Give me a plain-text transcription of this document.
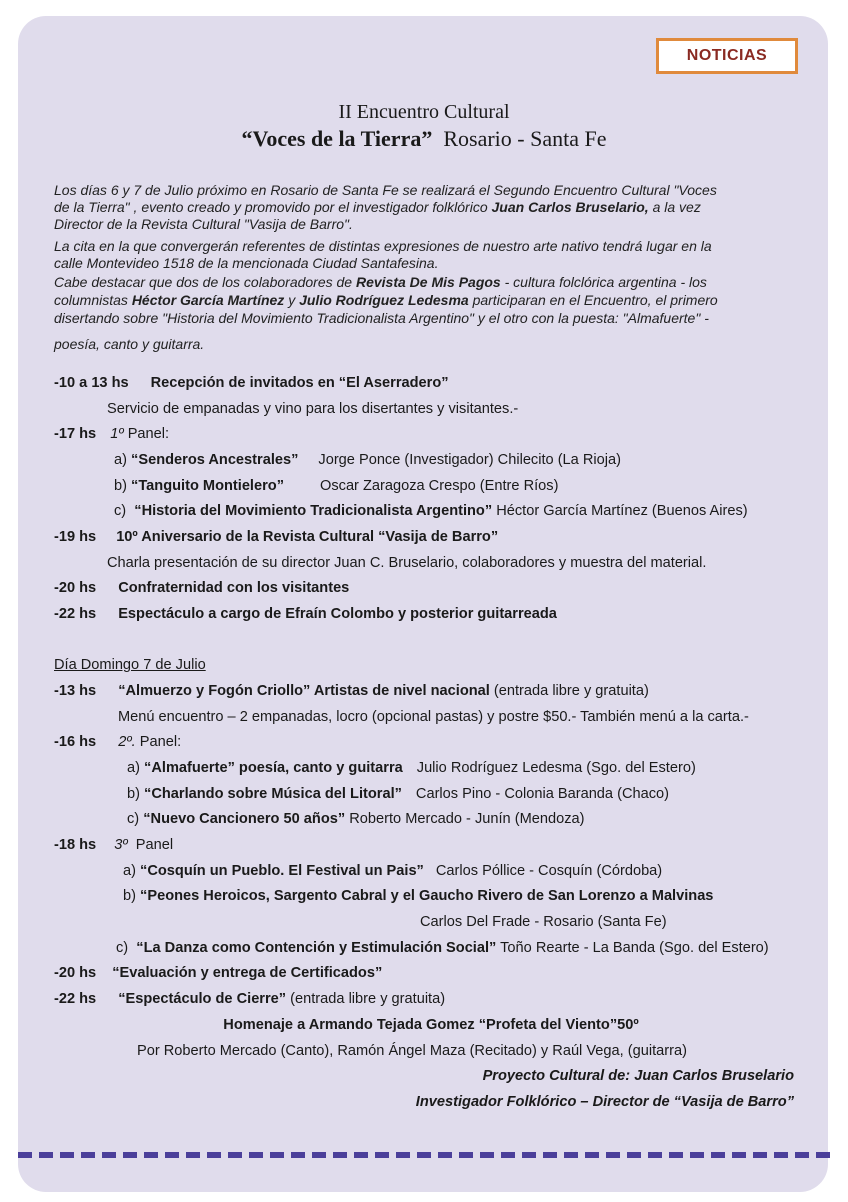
NOTICIAS
II Encuentro Cultural
“Voces de la Tierra” Rosario - Santa Fe
Los días 6 y 7 de Julio próximo en Rosario de Santa Fe se realizará el Segundo Encuentro Cultural "Voces
de la Tierra" , evento creado y promovido por el investigador folklórico Juan Carlos Bruselario, a la vez
Director de la Revista Cultural "Vasija de Barro".
La cita en la que convergerán referentes de distintas expresiones de nuestro arte nativo tendrá lugar en la
calle Montevideo 1518 de la mencionada Ciudad Santafesina.
Cabe destacar que dos de los colaboradores de Revista De Mis Pagos - cultura folclórica argentina - los
columnistas Héctor García Martínez y Julio Rodríguez Ledesma participaran en el Encuentro, el primero
disertando sobre "Historia del Movimiento Tradicionalista Argentino" y el otro con la puesta: "Almafuerte" -
poesía, canto y guitarra.
-10 a 13 hs Recepción de invitados en “El Aserradero”
Servicio de empanadas y vino para los disertantes y visitantes.-
-17 hs 1º Panel:
a) “Senderos Ancestrales” Jorge Ponce (Investigador) Chilecito (La Rioja)
b) “Tanguito Montielero” Oscar Zaragoza Crespo (Entre Ríos)
c) “Historia del Movimiento Tradicionalista Argentino” Héctor García Martínez (Buenos Aires)
-19 hs 10º Aniversario de la Revista Cultural “Vasija de Barro”
Charla presentación de su director Juan C. Bruselario, colaboradores y muestra del material.
-20 hs Confraternidad con los visitantes
-22 hs Espectáculo a cargo de Efraín Colombo y posterior guitarreada
Día Domingo 7 de Julio
-13 hs “Almuerzo y Fogón Criollo” Artistas de nivel nacional (entrada libre y gratuita)
Menú encuentro – 2 empanadas, locro (opcional pastas) y postre $50.- También menú a la carta.-
-16 hs 2º. Panel:
a) “Almafuerte” poesía, canto y guitarra Julio Rodríguez Ledesma (Sgo. del Estero)
b) “Charlando sobre Música del Litoral” Carlos Pino - Colonia Baranda (Chaco)
c) “Nuevo Cancionero 50 años” Roberto Mercado - Junín (Mendoza)
-18 hs 3º Panel
a) “Cosquín un Pueblo. El Festival un Pais” Carlos Póllice - Cosquín (Córdoba)
b) “Peones Heroicos, Sargento Cabral y el Gaucho Rivero de San Lorenzo a Malvinas
Carlos Del Frade - Rosario (Santa Fe)
c) “La Danza como Contención y Estimulación Social” Toño Rearte - La Banda (Sgo. del Estero)
-20 hs “Evaluación y entrega de Certificados”
-22 hs “Espectáculo de Cierre” (entrada libre y gratuita)
Homenaje a Armando Tejada Gomez “Profeta del Viento”50º
Por Roberto Mercado (Canto), Ramón Ángel Maza (Recitado) y Raúl Vega, (guitarra)
Proyecto Cultural de: Juan Carlos Bruselario
Investigador Folklórico – Director de “Vasija de Barro”
